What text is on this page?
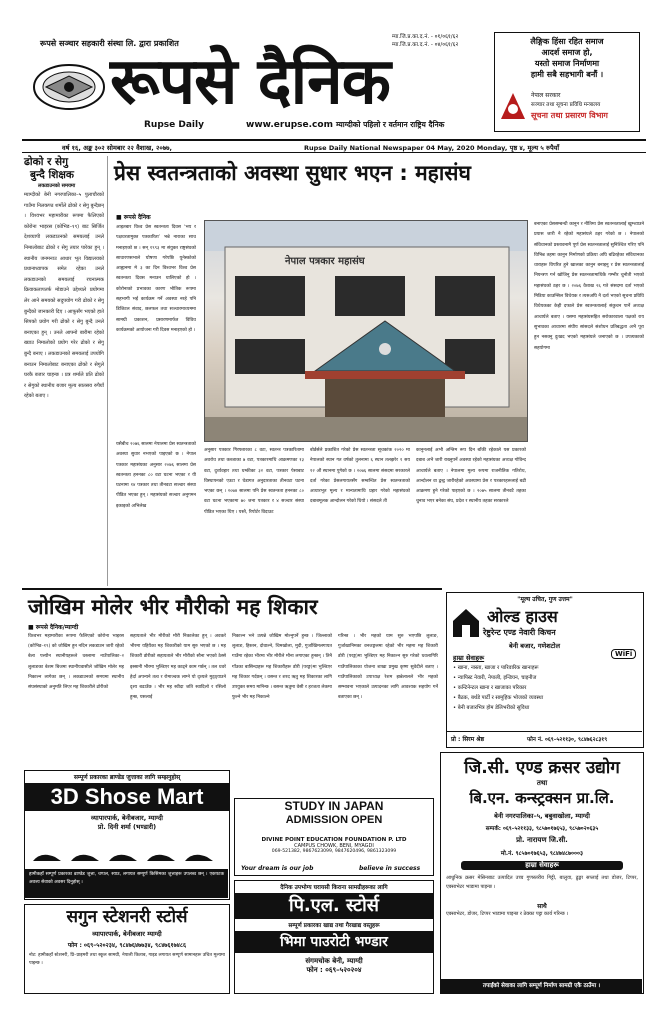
रूपसे सञ्चार सहकारी संस्था लि. द्वारा प्रकाशित
म्या.जि.प्र.का.द.नं. - ०१/०६१/६२
म्या.जि.प्र.का.द.नं. - ०४/०६१/६२
रूपसे दैनिक
Rupse Daily	www.erupse.com म्याग्दीको पहिलो र वर्तमान राष्ट्रिय दैनिक
लैङ्गिक हिंसा रहित समाज
आदर्श समाज हो,
यस्तो समाज निर्माणमा
हामी सबै सहभागी बनौं ।
नेपाल सरकार
सञ्चार तथा सूचना प्रविधि मन्त्रालय
सूचना तथा प्रसारण विभाग
वर्ष १६, अङ्क ३०२ सोमबार २२ वैशाख, २०७७,	Rupse Daily National Newspaper 04 May, 2020 Monday, पृष्ठ ४, मूल्य ५ रुपैयाँ
ढोको र सेगु
बुन्दै शिक्षक
लकडाउनको समयमा
म्याग्दीको बेनी नगरपालिका–५ पुलाचौरको गाउँमा निलकण्ठ शर्मोले ढोको र सेगु बुन्दैछन् । विश्वभर महामारीका रूपमा फैलिएको कोरोना भाइरस (कोभिड–१९) बाट सिर्जित देशव्यापी लकडाउनको समयलाई उनले निमालोबाट ढोको र सेगु तयार पारेका हुन् । स्थानीय जनमनाउ आधार भूत विद्यालयको प्रधानाध्यापक समेत रहेका उनले लकडाउनको समयलाई रचनात्मक क्रियाकलापतर्फ मोडाउने उद्देश्यले प्रयोगमा लेर आने समयको सदुपयोग गरी ढोको र सेगु बुन्दैको जानकारी दिए । आफूसँग भएको हाते सिपको प्रयोग गरी ढोको र सेगु बुन्दै उनले बनाएका हुन् । उनले आफ्नो बारीमा रहेको ख्याउ निमालोको प्रयोग गरेर ढोको र सेगु बुन्दै बनाए । लकडाउनको समयलाई उपयोगि बनाउन निमालोबाट बनाएका ढोको र सेगुले घरकै बजार चाहन्छ । प्रत्र शर्माले प्रति ढोको र सेगुको स्थानीय बजार मूल्य सातसय रुपैयाँ रहेको बताए ।
प्रेस स्वतन्त्रताको अवस्था सुधार भएन : महासंघ
■ रूपसे दैनिक
आइतबार विश्व प्रेस स्वतन्त्रता दिवस ‘भय र पक्षधरतामुक्त पत्रकारिता’ भन्ने नाराका साथ मनाइएको छ । सन् १९९३ मा संयुक्त राष्ट्रसंघको साधारणसभाले घोषणा गरेपछि युनेस्कोको आह्वानमा मे ३ का दिन विश्वभर विश्व प्रेस स्वतन्त्रता दिवस मनाउन थालिएको हो । कोरोनाको प्रभावका कारण भौतिक रूपमा सहभागी भई कार्यक्रम गर्ने अवस्था नरहे पनि डिजिटल संवाद, छलफल तथा सञ्चारमाध्यममा सामग्री प्रकाशन, प्रसारणमार्फत विविध कार्यक्रमको आयोजना गरी दिवस मनाइएको हो ।
नेपाल पत्रकार महासंघ
यसैबीच २०७६ सालमा नेपालमा प्रेस स्वतन्त्रताको अवस्था सुधार नभएको पाइएको छ । नेपाल पत्रकार महासंघका अनुसार २०७६ सालमा प्रेस स्वतन्त्रता हननका ८० वटा घटना भएका र यी घटनामा १४ पत्रकार तथा तीनवटा सञ्चार संस्था पीडित भएका हुन् । महासंघको सञ्चार अनुगमन इकाइको अभिलेख
अनुसार पत्रकार गिरफ्तारका ८ वटा, स्वतन्त्र पत्रकारितामा अवरोध तथा कब्जाका ७ वटा, पत्रकारमाथि आक्रमणका १३ वटा, दुर्व्यवहार तथा धम्कीका ३२ वटा, पत्रकार पेसाबाट विस्थापनको एउटा र घेडागत अनुदारताका तीनवटा घटना भएका छन् । २०७४ सालमा पनि प्रेस स्वतन्त्रता हननका ८० वटा घटना भएकामा ७० जना पत्रकार र ४ सञ्चार संस्था पीडित भएका थिए । यस्तै, रिपोर्टर विदाउट
बोर्डर्सले प्रकाशित गरेको प्रेस स्वतन्त्रता सूचकांक २०२० मा नेपालको स्थान गत वर्षको तुलनामा ६ स्थान तलझरेर १ सय १२ औं स्थानमा पुगेको छ । २०७६ सालमा संसदमा सरकारले दर्ता गरेका प्रेसलगायतसँग सम्बन्धित प्रेस स्वतन्त्रताको आधारभूत मूल्य र मान्यतामाथि प्रहार गरेको महासंघको दबाबमूलक आन्दोलन गरेको थियो । संसदले ती
कानुनलाई अभौ अन्तिम रूप दिन बाँकी रहेकाले यस प्रकारको दबाब अभै जारी राख्नुपर्ने अवस्था रहेको महासंघका अध्यक्ष गोविन्द आचार्यले बताए । नेपालमा मुल्य रूपमा राजनीतिक गतिरोध, आन्दोलन वा द्वन्द्व जारीरहेको अवस्थामा प्रेस र पत्रकारहरूलाई बढी आक्रमण हुने गरेको पाइएको छ । २०७५ सालमा तीनवटै तहका चुनाव भएर बनेका संघ, प्रदेश र स्थानीय तहका सरकारले
बनाएका प्रेससम्बन्धी कानुन र नीतिमा प्रेस स्वतन्त्रतालाई खुम्च्याउने प्रयास जारी नै रहेको महासंघले ठहर गरेको छ । नेपालको संविधानको प्रस्तावनामै पूर्ण प्रेस स्वतन्त्रतालाई सुनिश्चित गरिए पनि विभिन्न तहमा कानुन निर्माणको प्रक्रिया अघि बढिरहेका संविधानका धाराहरू विपरित हुने खालका कानुन बनाइनु र प्रेस स्वतन्त्रतालाई नियन्त्रण गर्न खोजिनु प्रेस स्वतन्त्रतामाथिकै गम्भीर चुनौती भएको महासंघको ठहर छ । २०७६ वैशाख २६ गते संसदमा दर्ता भएको मिडिया काउन्सिल विधेयक र त्यसअघि नै दर्ता भएको सूचना प्रविधि विधेयकका केही दफाले प्रेस स्वतन्त्रतालाई संकुचन पार्ने अध्यक्ष आचार्यले बताए । यसमा महासंघसहित सरोकारवाला पक्षको राय सुभावका आधारमा संघीय सांसदले संशोधन प्रतिबद्धता अभै पूरा हुन नसक्नु दुःखद भएको महासंघले जनाएको छ । उपत्यकाको सहयोगमा
जोखिम मोलेर भीर मौरीको मह शिकार
■ रूपसे दैनिक/म्याग्दी
विश्वभर महामारीका रूपमा फैलिएको कोरोना भाइरस (कोभिड–१९) को जोखिम हुन नदिन लकडाउन जारी रहेको बेला पत्त्यौन स्थानीयहरूले धस्लामा नाउँपालिका–२ लुलाङका बेशम बिजमा स्थानीयवासीले जोखिम मोलेर मह निकाल्न लागेका छन् । लकडाउनको समयमा स्थानीय संघसंस्थाको अनुमति लिएर मह शिकारीले ढोरीको
सहायताले भीर मौरीको मौरी निकालेका हुन् । अवकरे भीरमा यहियैका मह शिकारीको याम सुरु भएको छ । मह शिकारी डोरीको सहायताले भीर मौरीको सौना भएको ठेस्से इस्सानी भीरमा भुल्डिएर मह काढ्ने काम गर्छन् । तल धवरे हेर्दा अपन्यने तत्व र रोमाञ्चक लाग्ने यो दृश्यले मुट्ठ्याउने दृश्य बढाउँछ । भीर मह स्वीदा जति स्वादिलो र रसिलो हुन्छ, यसलाई
निकाल्न भने उत्पन्ने जोखिम मोल्नुपर्ने हुन्छ । जिल्लाको लुलाङ, हिस्तन, दोवाल्ने, चिमखोला, मुदी, गुर्जाखिमलगायत गाउँमा रहेका भीरमा भीर मौरीले मौना लगाएका हुन्छन् । तिनै गाँउका बासिन्दाहरू मह शिकारीहरू डोरी (परङ्ग)मा भुल्डिएर मह शिकार गर्दछन् । वसन्त र शरद ऋतु मह शिकारका लागि उपयुक्त समय मानिन्छ । बसन्त ऋतुमा वेसी र हरजता लेकमा फुल्ने भीर मह निकाल्ने
गरिन्छ । भीर महको याम सुरु भएपछि लुलाङ, गुर्जाखानिमका वनजङ्गलमा रहेको भीर महमा मह शिकारी डोरी (परङ्ग)मा भुल्डिएर मह निकाल्न सुरु गरेको धवलागिरि गाउँपालिकाका योजना शाखा प्रमुख कृष्ण सुवेदीले बताए । गाउँपालिकाको उपाध्यक्ष रेशम झन्नेलालले भीर महको सम्भावना भएकाले उत्पादनका लागि आवश्यक सहयोग गर्ने बताएका छन् ।
सम्पूर्ण प्रकारका ब्राण्डेड जुत्ताका लागि सम्झनुहोस्
3D Shose Mart
व्यापारपार्क, बेनीबजार, म्याग्दी
प्रो. दिनी शर्मा (भण्डारी)
हामीकहाँ सम्पूर्ण प्रकारका ब्राण्डेड जुत्ता, चप्पल, स्याउ, लगायत सम्पूर्ण किसिमका जुत्ताहरू उपलब्ध छन् । एकपटक अवश्य सेवाको अवसर दिनुहोस् ।
सगुन स्टेशनरी स्टोर्स
व्यापारपार्क, बेनीबजार म्याग्दी
फोन : ०६९–५२०२३४, ९८४७६४७७३४, ९८४७६१७४८६
नोट: हामीकहाँ स्टेशनरी, प्रि–प्राइमरी तथा स्कूल सामग्री, नेपाली किताब, गाइड लगायत सम्पूर्ण सामानहरू उचित मूल्यमा पाइन्छ ।
STUDY IN JAPAN
ADMISSION OPEN
DIVINE POINT EDUCATION FOUNDATION P. LTD
CAMPUS CHOWK, BENI, MYAGDI
069-521382, 9867623099, 9847620496, 9861323099
Your dream is our job	believe in success
दैनिक उपभोग्य घरायसी किराना सामग्रीहरूका लागि
पि.एल. स्टोर्स
सम्पूर्ण प्रकारका खाद्य तथा गैरखाद्य वस्तुहरू
भिमा पाउरोटी भण्डार
संगमचोक बेनी, म्याग्दी
फोन : ०६९–५२०२०४
"मूल्य उचित, गुण उत्तम"
ओल्ड हाउस
रेष्टुरेन्ट एण्ड नेवारी किचन
बेनी बजार, गणेशटोल
WiFi
हाम्रा सेवाहरू
• खाना, नास्ता, खाजा र पारिवारिक खानाहरू
• न्यापिस्ट नेवारी, नेपाली, इन्डियन, चाइनीज
• कन्टिनेन्टल खाना र खाजाका परिकार
• बैठक, बर्थडे पार्टी र सामूहिक भोजको व्यवस्था
• बेनी बजारभित्र होम डेलिभरीको सुविधा
प्रो : सिरम श्रेष्ठ	फोन नं. ०६९–५२११३०, ९८४७६२८३१९
जि.सी. एण्ड क्रसर उद्योग
तथा
बि.एन. कन्स्ट्रक्सन प्रा.लि.
बेनी नगरपालिका–५, बबुवाखोला, म्याग्दी
सम्पर्क: ०६९–५२११३३, ९८५७०१७६५३, ९८५७०२०६३५
प्रो. नारायण जि.सी.
मो.नं. ९८५७०१७६५३, ९८४७४८७०००३
हाम्रा सेवाहरू
आधुनिक क्रसर मेसिनबाट उत्पादित उच्च गुणस्तरीय गिट्टी, बालुवा, ढुङ्गा सप्लाई तथा डोजर, टिप्पर, एक्साभेटर भाडामा पाइन्छ ।
साथै
एक्साभेटर, डोजर, टिप्पर भाडामा पाइन्छ र ठेक्का पट्टा कार्य गरिन्छ ।
तपाईंको सेवाका लागि सम्पूर्ण निर्माण सामग्री एकै ठाउँमा ।
